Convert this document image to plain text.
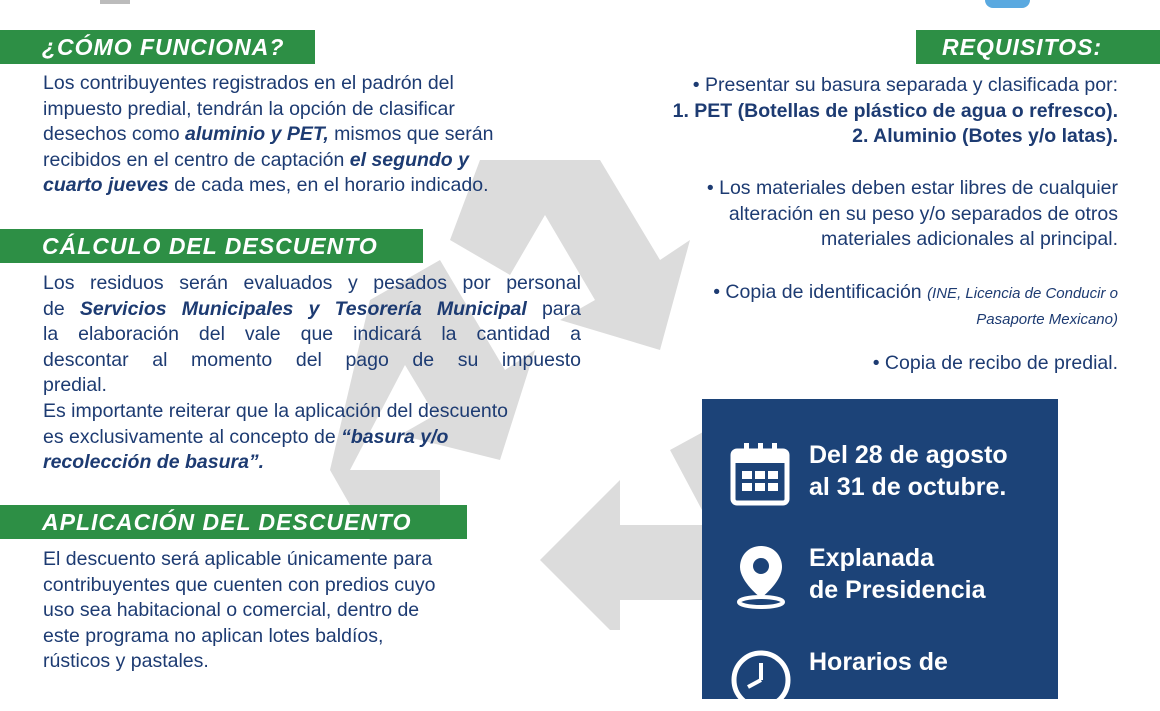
¿CÓMO FUNCIONA?
Los contribuyentes registrados en el padrón del
impuesto predial, tendrán la opción de clasificar
desechos como aluminio y PET, mismos que serán
recibidos en el centro de captación el segundo y
cuarto jueves de cada mes, en el horario indicado.
CÁLCULO DEL DESCUENTO
Los residuos serán evaluados y pesados por personal
de Servicios Municipales y Tesorería Municipal para
la elaboración del vale que indicará la cantidad a
descontar al momento del pago de su impuesto
predial.
Es importante reiterar que la aplicación del descuento
es exclusivamente al concepto de “basura y/o
recolección de basura”.
APLICACIÓN DEL DESCUENTO
El descuento será aplicable únicamente para
contribuyentes que cuenten con predios cuyo
uso sea habitacional o comercial, dentro de
este programa no aplican lotes baldíos,
rústicos y pastales.
REQUISITOS:
• Presentar su basura separada y clasificada por:
1. PET (Botellas de plástico de agua o refresco).
2. Aluminio (Botes y/o latas).
• Los materiales deben estar libres de cualquier
alteración en su peso y/o separados de otros
materiales adicionales al principal.
• Copia de identificación (INE, Licencia de Conducir o
Pasaporte Mexicano)
• Copia de recibo de predial.
Del 28 de agosto
al 31 de octubre.
Explanada
de Presidencia
Horarios de
